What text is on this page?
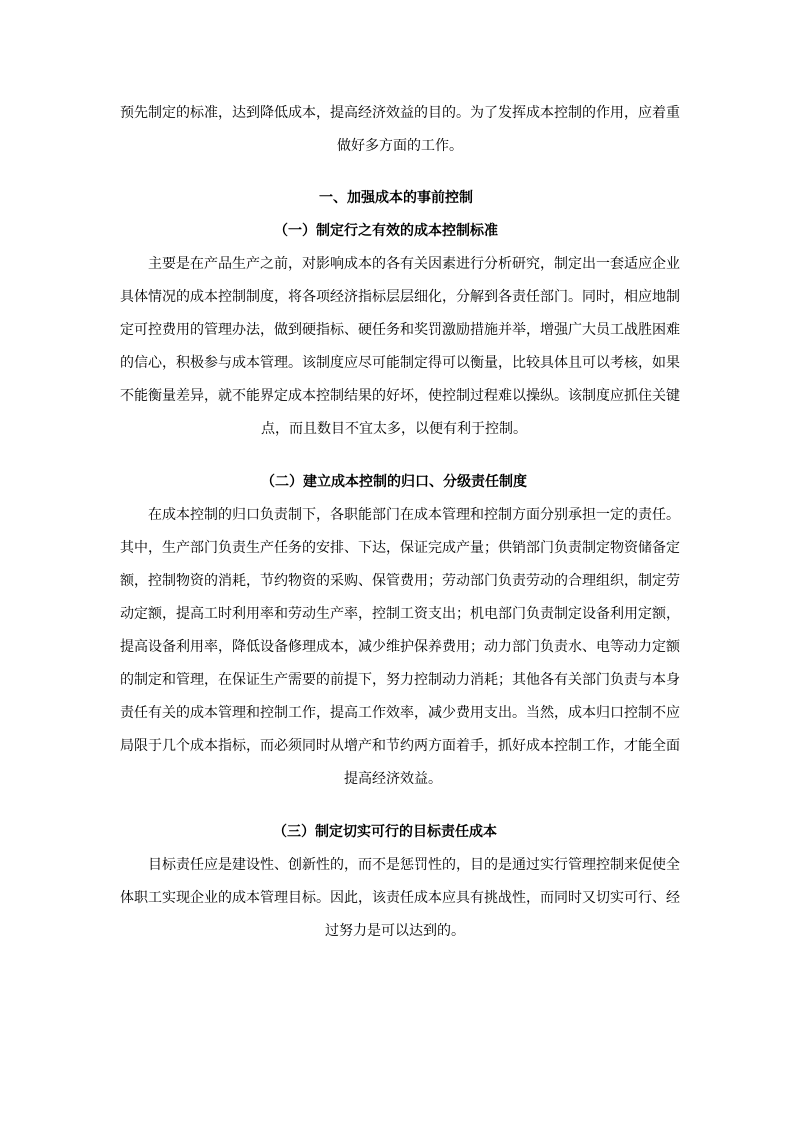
预先制定的标准，达到降低成本，提高经济效益的目的。为了发挥成本控制的作用，应着重
做好多方面的工作。
一、加强成本的事前控制
（一）制定行之有效的成本控制标准
主要是在产品生产之前，对影响成本的各有关因素进行分析研究，制定出一套适应企业
具体情况的成本控制制度，将各项经济指标层层细化，分解到各责任部门。同时，相应地制
定可控费用的管理办法，做到硬指标、硬任务和奖罚激励措施并举，增强广大员工战胜困难
的信心，积极参与成本管理。该制度应尽可能制定得可以衡量，比较具体且可以考核，如果
不能衡量差异，就不能界定成本控制结果的好坏，使控制过程难以操纵。该制度应抓住关键
点，而且数目不宜太多，以便有利于控制。
（二）建立成本控制的归口、分级责任制度
在成本控制的归口负责制下，各职能部门在成本管理和控制方面分别承担一定的责任。
其中，生产部门负责生产任务的安排、下达，保证完成产量；供销部门负责制定物资储备定
额，控制物资的消耗，节约物资的采购、保管费用；劳动部门负责劳动的合理组织，制定劳
动定额，提高工时利用率和劳动生产率，控制工资支出；机电部门负责制定设备利用定额，
提高设备利用率，降低设备修理成本，减少维护保养费用；动力部门负责水、电等动力定额
的制定和管理，在保证生产需要的前提下，努力控制动力消耗；其他各有关部门负责与本身
责任有关的成本管理和控制工作，提高工作效率，减少费用支出。当然，成本归口控制不应
局限于几个成本指标，而必须同时从增产和节约两方面着手，抓好成本控制工作，才能全面
提高经济效益。
（三）制定切实可行的目标责任成本
目标责任应是建设性、创新性的，而不是惩罚性的，目的是通过实行管理控制来促使全
体职工实现企业的成本管理目标。因此，该责任成本应具有挑战性，而同时又切实可行、经
过努力是可以达到的。
